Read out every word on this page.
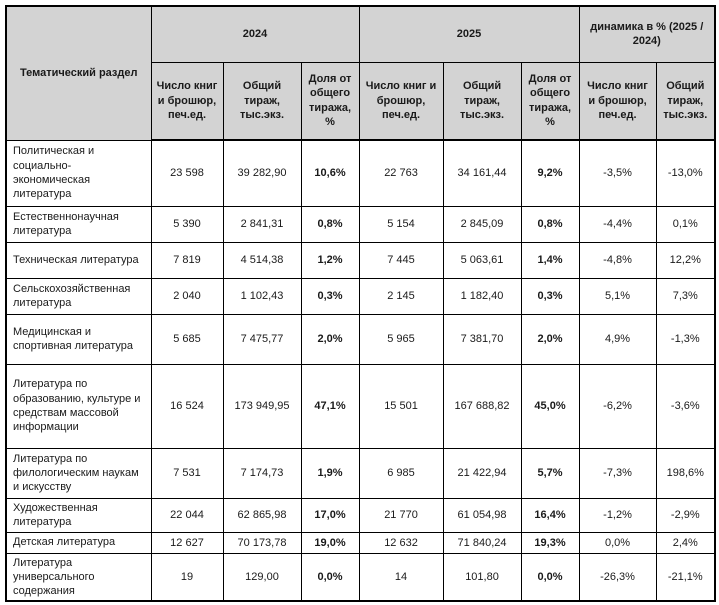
Тематический раздел	2024			2025			динамика в % (2025 / 2024)	
	Число книг и брошюр, печ.ед.	Общий тираж, тыс.экз.	Доля от общего тиража, %	Число книг и брошюр, печ.ед.	Общий тираж, тыс.экз.	Доля от общего тиража, %	Число книг и брошюр, печ.ед.	Общий тираж, тыс.экз.
Политическая и социально-экономическая литература	23 598	39 282,90	10,6%	22 763	34 161,44	9,2%	-3,5%	-13,0%
Естественнонаучная литература	5 390	2 841,31	0,8%	5 154	2 845,09	0,8%	-4,4%	0,1%
Техническая литература	7 819	4 514,38	1,2%	7 445	5 063,61	1,4%	-4,8%	12,2%
Сельскохозяйственная литература	2 040	1 102,43	0,3%	2 145	1 182,40	0,3%	5,1%	7,3%
Медицинская и спортивная литература	5 685	7 475,77	2,0%	5 965	7 381,70	2,0%	4,9%	-1,3%
Литература по образованию, культуре и средствам массовой информации	16 524	173 949,95	47,1%	15 501	167 688,82	45,0%	-6,2%	-3,6%
Литература по филологическим наукам и искусству	7 531	7 174,73	1,9%	6 985	21 422,94	5,7%	-7,3%	198,6%
Художественная литература	22 044	62 865,98	17,0%	21 770	61 054,98	16,4%	-1,2%	-2,9%
Детская литература	12 627	70 173,78	19,0%	12 632	71 840,24	19,3%	0,0%	2,4%
Литература универсального содержания	19	129,00	0,0%	14	101,80	0,0%	-26,3%	-21,1%
